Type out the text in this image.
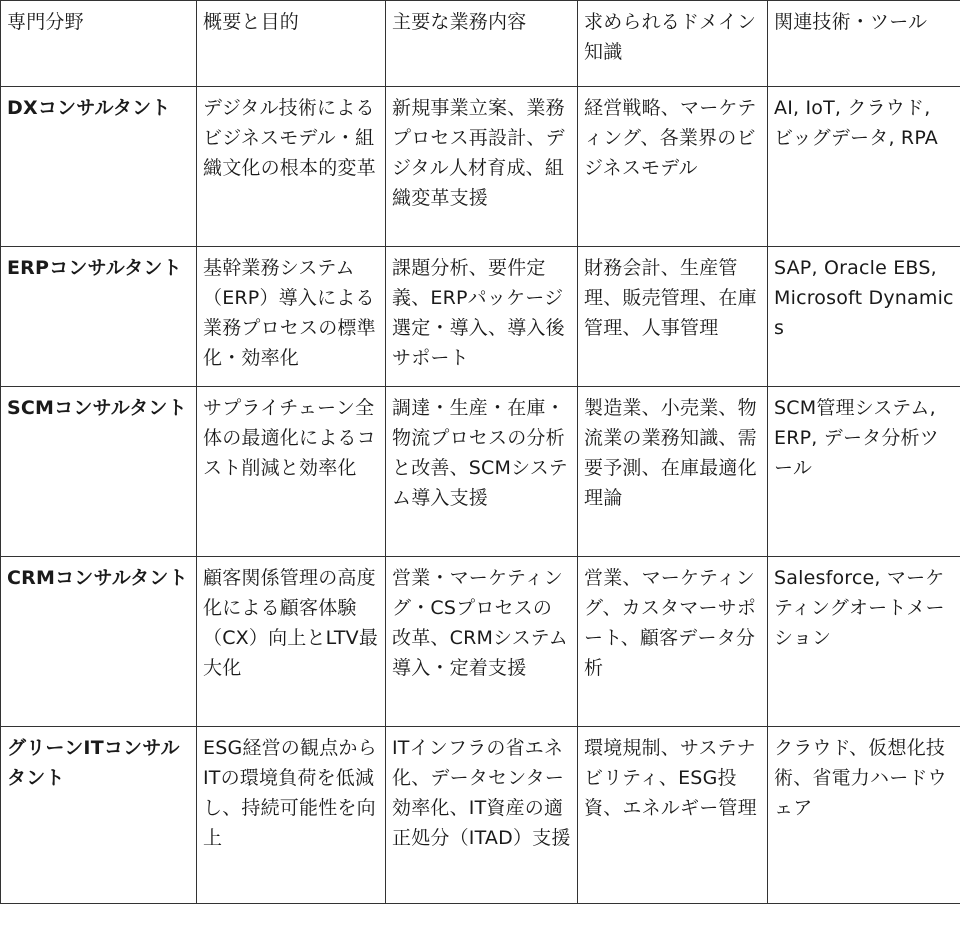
専門分野	概要と目的	主要な業務内容	求められるドメイン知識	関連技術・ツール
DXコンサルタント	デジタル技術によるビジネスモデル・組織文化の根本的変革	新規事業立案、業務プロセス再設計、デジタル人材育成、組織変革支援	経営戦略、マーケティング、各業界のビジネスモデル	AI, IoT, クラウド, ビッグデータ, RPA
ERPコンサルタント	基幹業務システム（ERP）導入による業務プロセスの標準化・効率化	課題分析、要件定義、ERPパッケージ選定・導入、導入後サポート	財務会計、生産管理、販売管理、在庫管理、人事管理	SAP, Oracle EBS, Microsoft Dynamics
SCMコンサルタント	サプライチェーン全体の最適化によるコスト削減と効率化	調達・生産・在庫・物流プロセスの分析と改善、SCMシステム導入支援	製造業、小売業、物流業の業務知識、需要予測、在庫最適化理論	SCM管理システム, ERP, データ分析ツール
CRMコンサルタント	顧客関係管理の高度化による顧客体験（CX）向上とLTV最大化	営業・マーケティング・CSプロセスの改革、CRMシステム導入・定着支援	営業、マーケティング、カスタマーサポート、顧客データ分析	Salesforce, マーケティングオートメーション
グリーンITコンサルタント	ESG経営の観点からITの環境負荷を低減し、持続可能性を向上	ITインフラの省エネ化、データセンター効率化、IT資産の適正処分（ITAD）支援	環境規制、サステナビリティ、ESG投資、エネルギー管理	クラウド、仮想化技術、省電力ハードウェア
